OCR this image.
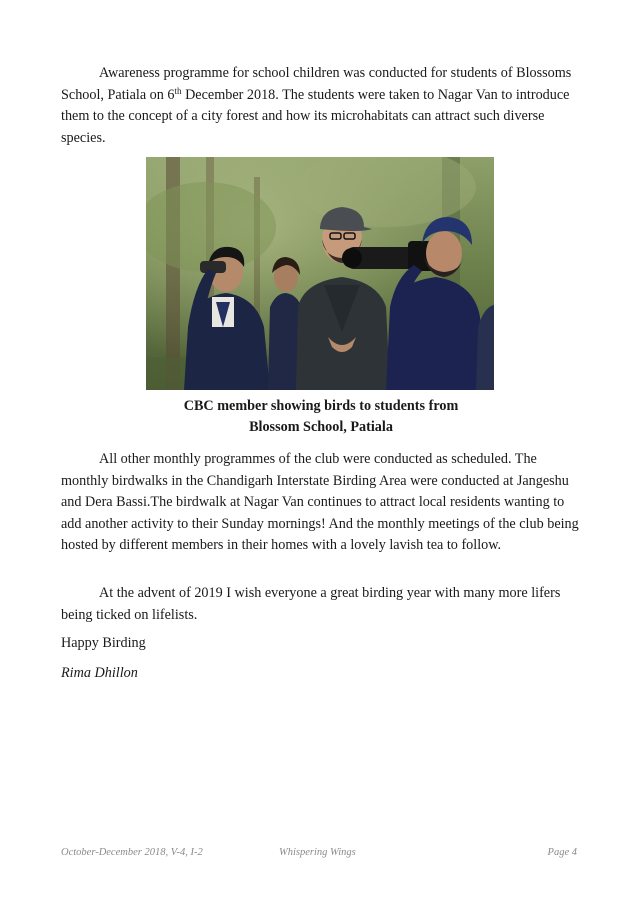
Awareness programme for school children was conducted for students of Blossoms School, Patiala on 6th December 2018. The students were taken to Nagar Van to introduce them to the concept of a city forest and how its microhabitats can attract such diverse species.

CBC member showing birds to students from
Blossom School, Patiala

All other monthly programmes of the club were conducted as scheduled. The monthly birdwalks in the Chandigarh Interstate Birding Area were conducted at Jangeshu and Dera Bassi.The birdwalk at Nagar Van continues to attract local residents wanting to add another activity to their Sunday mornings! And the monthly meetings of the club being hosted by different members in their homes with a lovely lavish tea to follow.

At the advent of 2019 I wish everyone a great birding year with many more lifers being ticked on lifelists.

Happy Birding

Rima Dhillon

October-December 2018, V-4, I-2	Whispering Wings	Page 4
